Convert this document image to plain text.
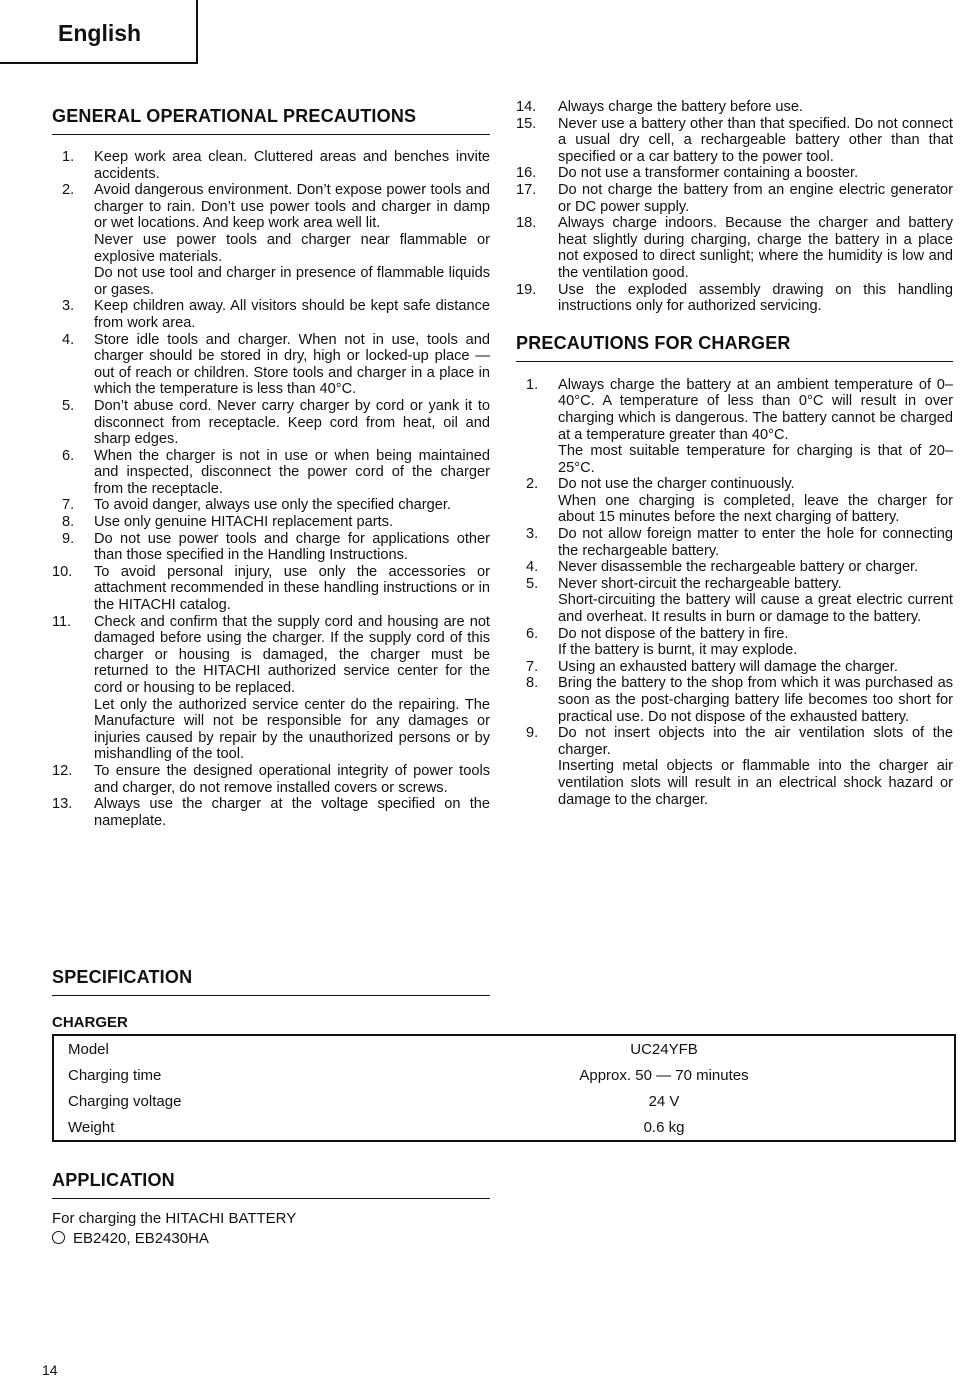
English
GENERAL OPERATIONAL PRECAUTIONS
1. Keep work area clean. Cluttered areas and benches invite accidents.

2. Avoid dangerous environment. Don’t expose power tools and charger to rain. Don’t use power tools and charger in damp or wet locations. And keep work area well lit.

Never use power tools and charger near flammable or explosive materials.

Do not use tool and charger in presence of flammable liquids or gases.

3. Keep children away. All visitors should be kept safe distance from work area.

4. Store idle tools and charger. When not in use, tools and charger should be stored in dry, high or locked-up place — out of reach or children. Store tools and charger in a place in which the temperature is less than 40°C.

5. Don’t abuse cord. Never carry charger by cord or yank it to disconnect from receptacle. Keep cord from heat, oil and sharp edges.

6. When the charger is not in use or when being maintained and inspected, disconnect the power cord of the charger from the receptacle.

7. To avoid danger, always use only the specified charger.

8. Use only genuine HITACHI replacement parts.

9. Do not use power tools and charge for applications other than those specified in the Handling Instructions.

10. To avoid personal injury, use only the accessories or attachment recommended in these handling instructions or in the HITACHI catalog.

11. Check and confirm that the supply cord and housing are not damaged before using the charger. If the supply cord of this charger or housing is damaged, the charger must be returned to the HITACHI authorized service center for the cord or housing to be replaced.

Let only the authorized service center do the repairing. The Manufacture will not be responsible for any damages or injuries caused by repair by the unauthorized persons or by mishandling of the tool.

12. To ensure the designed operational integrity of power tools and charger, do not remove installed covers or screws.

13. Always use the charger at the voltage specified on the nameplate.

14. Always charge the battery before use.

15. Never use a battery other than that specified. Do not connect a usual dry cell, a rechargeable battery other than that specified or a car battery to the power tool.

16. Do not use a transformer containing a booster.

17. Do not charge the battery from an engine electric generator or DC power supply.

18. Always charge indoors. Because the charger and battery heat slightly during charging, charge the battery in a place not exposed to direct sunlight; where the humidity is low and the ventilation good.

19. Use the exploded assembly drawing on this handling instructions only for authorized servicing.

PRECAUTIONS FOR CHARGER
1. Always charge the battery at an ambient temperature of 0–40°C. A temperature of less than 0°C will result in over charging which is dangerous. The battery cannot be charged at a temperature greater than 40°C.

The most suitable temperature for charging is that of 20–25°C.

2. Do not use the charger continuously.

When one charging is completed, leave the charger for about 15 minutes before the next charging of battery.

3. Do not allow foreign matter to enter the hole for connecting the rechargeable battery.

4. Never disassemble the rechargeable battery or charger.

5. Never short-circuit the rechargeable battery.

Short-circuiting the battery will cause a great electric current and overheat. It results in burn or damage to the battery.

6. Do not dispose of the battery in fire.

If the battery is burnt, it may explode.

7. Using an exhausted battery will damage the charger.

8. Bring the battery to the shop from which it was purchased as soon as the post-charging battery life becomes too short for practical use. Do not dispose of the exhausted battery.

9. Do not insert objects into the air ventilation slots of the charger.

Inserting metal objects or flammable into the charger air ventilation slots will result in an electrical shock hazard or damage to the charger.

SPECIFICATION
CHARGER
Model	UC24YFB
Charging time	Approx. 50 — 70 minutes
Charging voltage	24 V
Weight	0.6 kg
APPLICATION
For charging the HITACHI BATTERY
EB2420, EB2430HA
14
